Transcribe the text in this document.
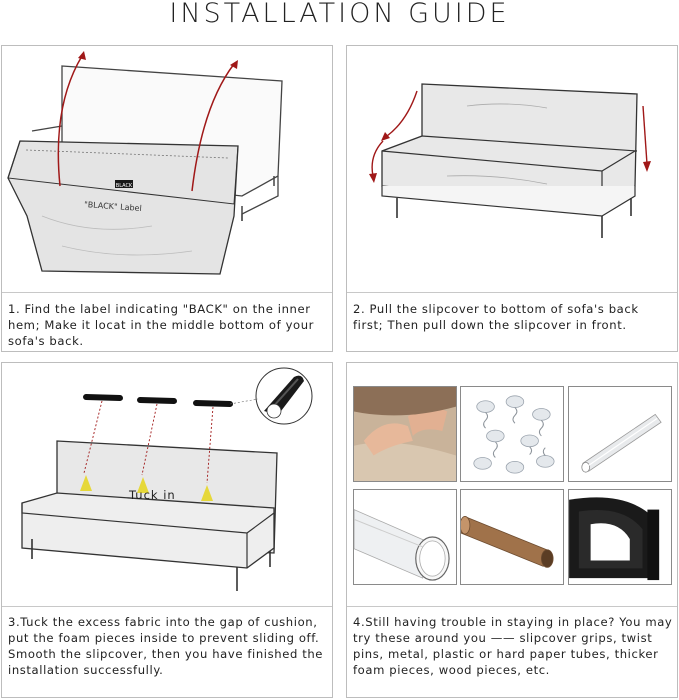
INSTALLATION GUIDE
BLACK
"BLACK" Label
1. Find the label indicating "BACK" on the inner hem; Make it locat in the middle bottom of your sofa's back.
2. Pull the slipcover to bottom of sofa's back first; Then pull down the slipcover in front.
Tuck in
3.Tuck the excess fabric into the gap of cushion, put the foam pieces inside to prevent sliding off. Smooth the slipcover, then you have finished the installation successfully.
4.Still having trouble in staying in place? You may try these around you —— slipcover grips, twist pins, metal, plastic or hard paper tubes, thicker foam pieces, wood pieces, etc.
